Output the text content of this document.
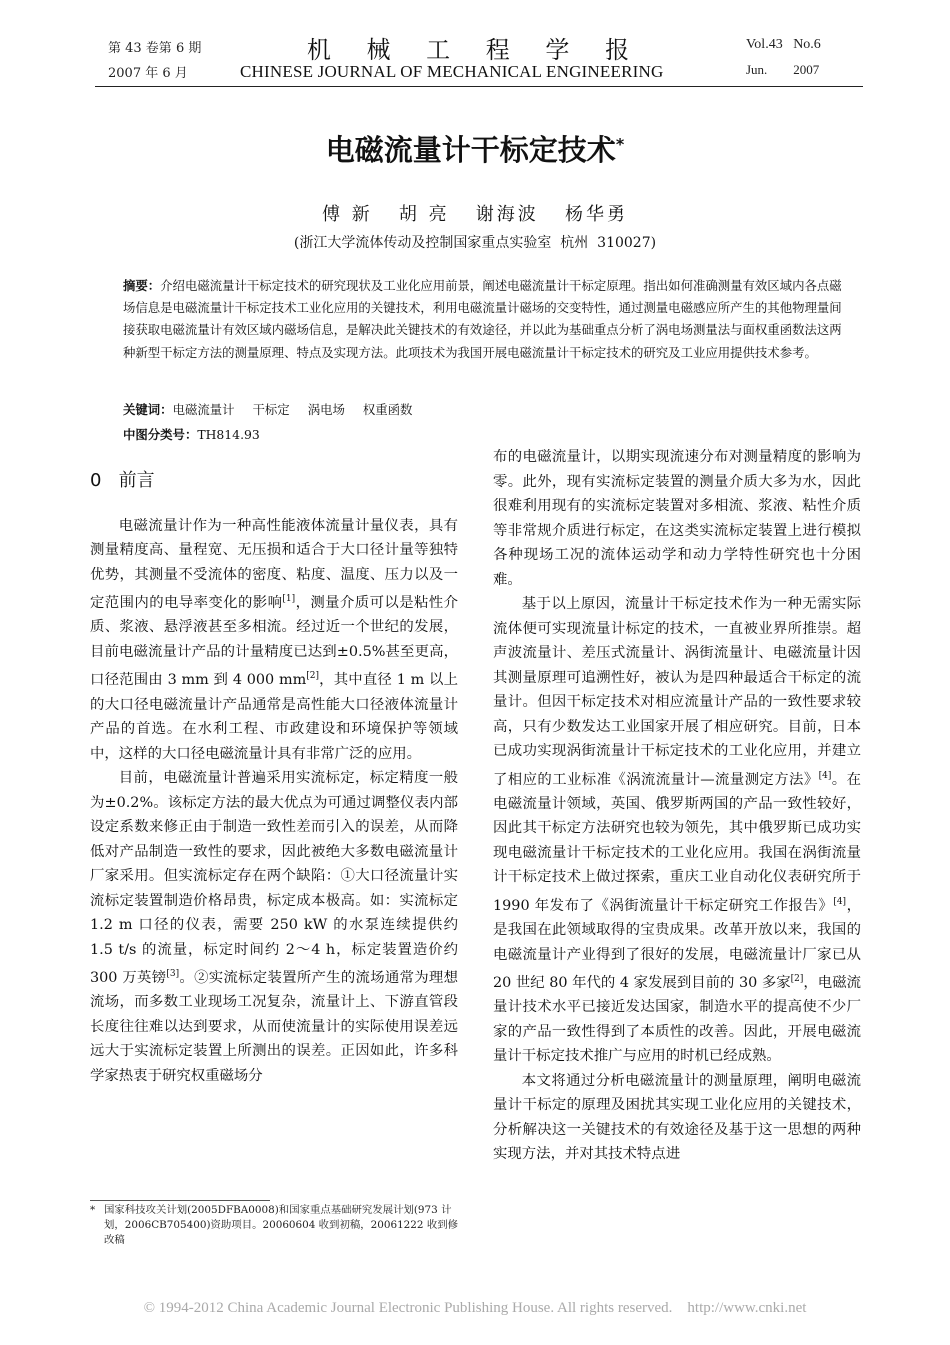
第 43 卷第 6 期
2007 年 6 月
机 械 工 程 学 报
CHINESE JOURNAL OF MECHANICAL ENGINEERING
Vol.43   No.6
Jun.        2007
电磁流量计干标定技术*
傅 新   胡 亮   谢海波   杨华勇
(浙江大学流体传动及控制国家重点实验室  杭州  310027)
摘要：介绍电磁流量计干标定技术的研究现状及工业化应用前景，阐述电磁流量计干标定原理。指出如何准确测量有效区域内各点磁场信息是电磁流量计干标定技术工业化应用的关键技术，利用电磁流量计磁场的交变特性，通过测量电磁感应所产生的其他物理量间接获取电磁流量计有效区域内磁场信息，是解决此关键技术的有效途径，并以此为基础重点分析了涡电场测量法与面权重函数法这两种新型干标定方法的测量原理、特点及实现方法。此项技术为我国开展电磁流量计干标定技术的研究及工业应用提供技术参考。
关键词：电磁流量计 干标定 涡电场 权重函数
中图分类号：TH814.93

0   前言

电磁流量计作为一种高性能液体流量计量仪表，具有测量精度高、量程宽、无压损和适合于大口径计量等独特优势，其测量不受流体的密度、粘度、温度、压力以及一定范围内的电导率变化的影响[1]，测量介质可以是粘性介质、浆液、悬浮液甚至多相流。经过近一个世纪的发展，目前电磁流量计产品的计量精度已达到±0.5%甚至更高，口径范围由 3 mm 到 4 000 mm[2]，其中直径 1 m 以上的大口径电磁流量计产品通常是高性能大口径液体流量计产品的首选。在水利工程、市政建设和环境保护等领域中，这样的大口径电磁流量计具有非常广泛的应用。

目前，电磁流量计普遍采用实流标定，标定精度一般为±0.2%。该标定方法的最大优点为可通过调整仪表内部设定系数来修正由于制造一致性差而引入的误差，从而降低对产品制造一致性的要求，因此被绝大多数电磁流量计厂家采用。但实流标定存在两个缺陷：①大口径流量计实流标定装置制造价格昂贵，标定成本极高。如：实流标定 1.2 m 口径的仪表，需要 250 kW 的水泵连续提供约 1.5 t/s 的流量，标定时间约 2～4 h，标定装置造价约 300 万英镑[3]。②实流标定装置所产生的流场通常为理想流场，而多数工业现场工况复杂，流量计上、下游直管段长度往往难以达到要求，从而使流量计的实际使用误差远远大于实流标定装置上所测出的误差。正因如此，许多科学家热衷于研究权重磁场分

布的电磁流量计，以期实现流速分布对测量精度的影响为零。此外，现有实流标定装置的测量介质大多为水，因此很难利用现有的实流标定装置对多相流、浆液、粘性介质等非常规介质进行标定，在这类实流标定装置上进行模拟各种现场工况的流体运动学和动力学特性研究也十分困难。

基于以上原因，流量计干标定技术作为一种无需实际流体便可实现流量计标定的技术，一直被业界所推崇。超声波流量计、差压式流量计、涡街流量计、电磁流量计因其测量原理可追溯性好，被认为是四种最适合干标定的流量计。但因干标定技术对相应流量计产品的一致性要求较高，只有少数发达工业国家开展了相应研究。目前，日本已成功实现涡街流量计干标定技术的工业化应用，并建立了相应的工业标准《涡流流量计—流量测定方法》[4]。在电磁流量计领域，英国、俄罗斯两国的产品一致性较好，因此其干标定方法研究也较为领先，其中俄罗斯已成功实现电磁流量计干标定技术的工业化应用。我国在涡街流量计干标定技术上做过探索，重庆工业自动化仪表研究所于 1990 年发布了《涡街流量计干标定研究工作报告》[4]，是我国在此领域取得的宝贵成果。改革开放以来，我国的电磁流量计产业得到了很好的发展，电磁流量计厂家已从 20 世纪 80 年代的 4 家发展到目前的 30 多家[2]，电磁流量计技术水平已接近发达国家，制造水平的提高使不少厂家的产品一致性得到了本质性的改善。因此，开展电磁流量计干标定技术推广与应用的时机已经成熟。

本文将通过分析电磁流量计的测量原理，阐明电磁流量计干标定的原理及困扰其实现工业化应用的关键技术，分析解决这一关键技术的有效途径及基于这一思想的两种实现方法，并对其技术特点进

* 国家科技攻关计划(2005DFBA0008)和国家重点基础研究发展计划(973 计划，2006CB705400)资助项目。20060604 收到初稿，20061222 收到修改稿
© 1994-2012 China Academic Journal Electronic Publishing House. All rights reserved.    http://www.cnki.net
